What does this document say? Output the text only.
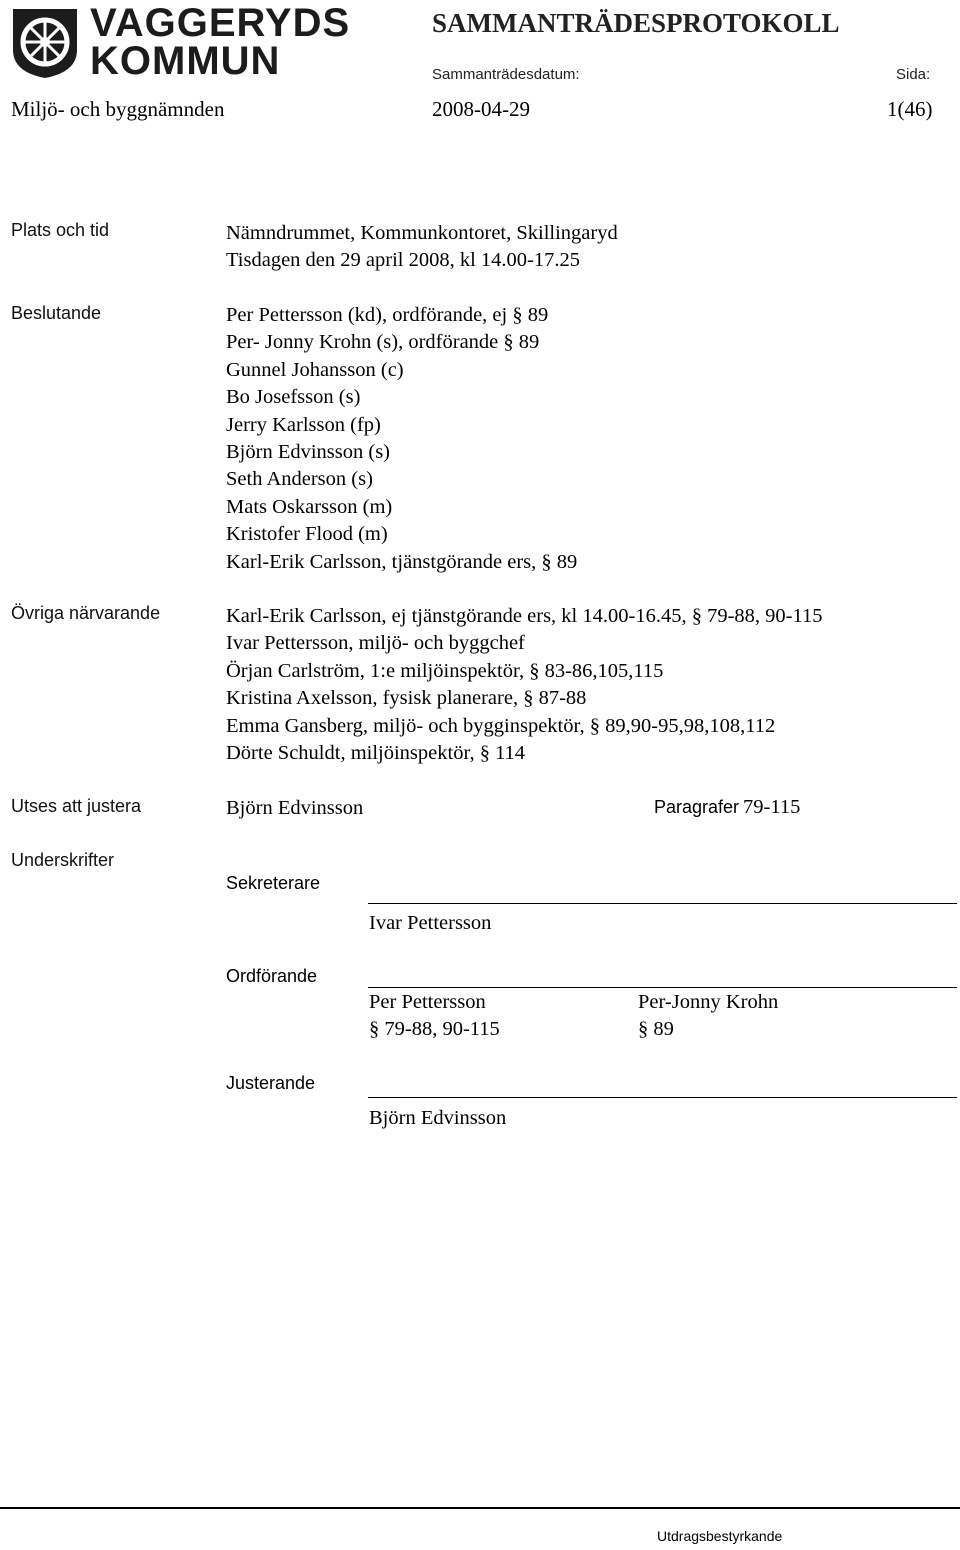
VAGGERYDS
KOMMUN
SAMMANTRÄDESPROTOKOLL
Sammanträdesdatum:	Sida:
Miljö- och byggnämnden	2008-04-29	1(46)
Plats och tid	Nämndrummet, Kommunkontoret, Skillingaryd
Tisdagen den 29 april 2008, kl 14.00-17.25
Beslutande	Per Pettersson (kd), ordförande, ej § 89
Per- Jonny Krohn (s), ordförande § 89
Gunnel Johansson (c)
Bo Josefsson (s)
Jerry Karlsson (fp)
Björn Edvinsson (s)
Seth Anderson (s)
Mats Oskarsson (m)
Kristofer Flood (m)
Karl-Erik Carlsson, tjänstgörande ers, § 89
Övriga närvarande	Karl-Erik Carlsson, ej tjänstgörande ers, kl 14.00-16.45, § 79-88, 90-115
Ivar Pettersson, miljö- och byggchef
Örjan Carlström, 1:e miljöinspektör, § 83-86,105,115
Kristina Axelsson, fysisk planerare, § 87-88
Emma Gansberg, miljö- och bygginspektör, § 89,90-95,98,108,112
Dörte Schuldt, miljöinspektör, § 114
Utses att justera	Björn Edvinsson	Paragrafer 79-115
Underskrifter
Sekreterare
Ivar Pettersson
Ordförande
Per Pettersson
§ 79-88, 90-115
Per-Jonny Krohn
§ 89
Justerande
Björn Edvinsson
Utdragsbestyrkande
